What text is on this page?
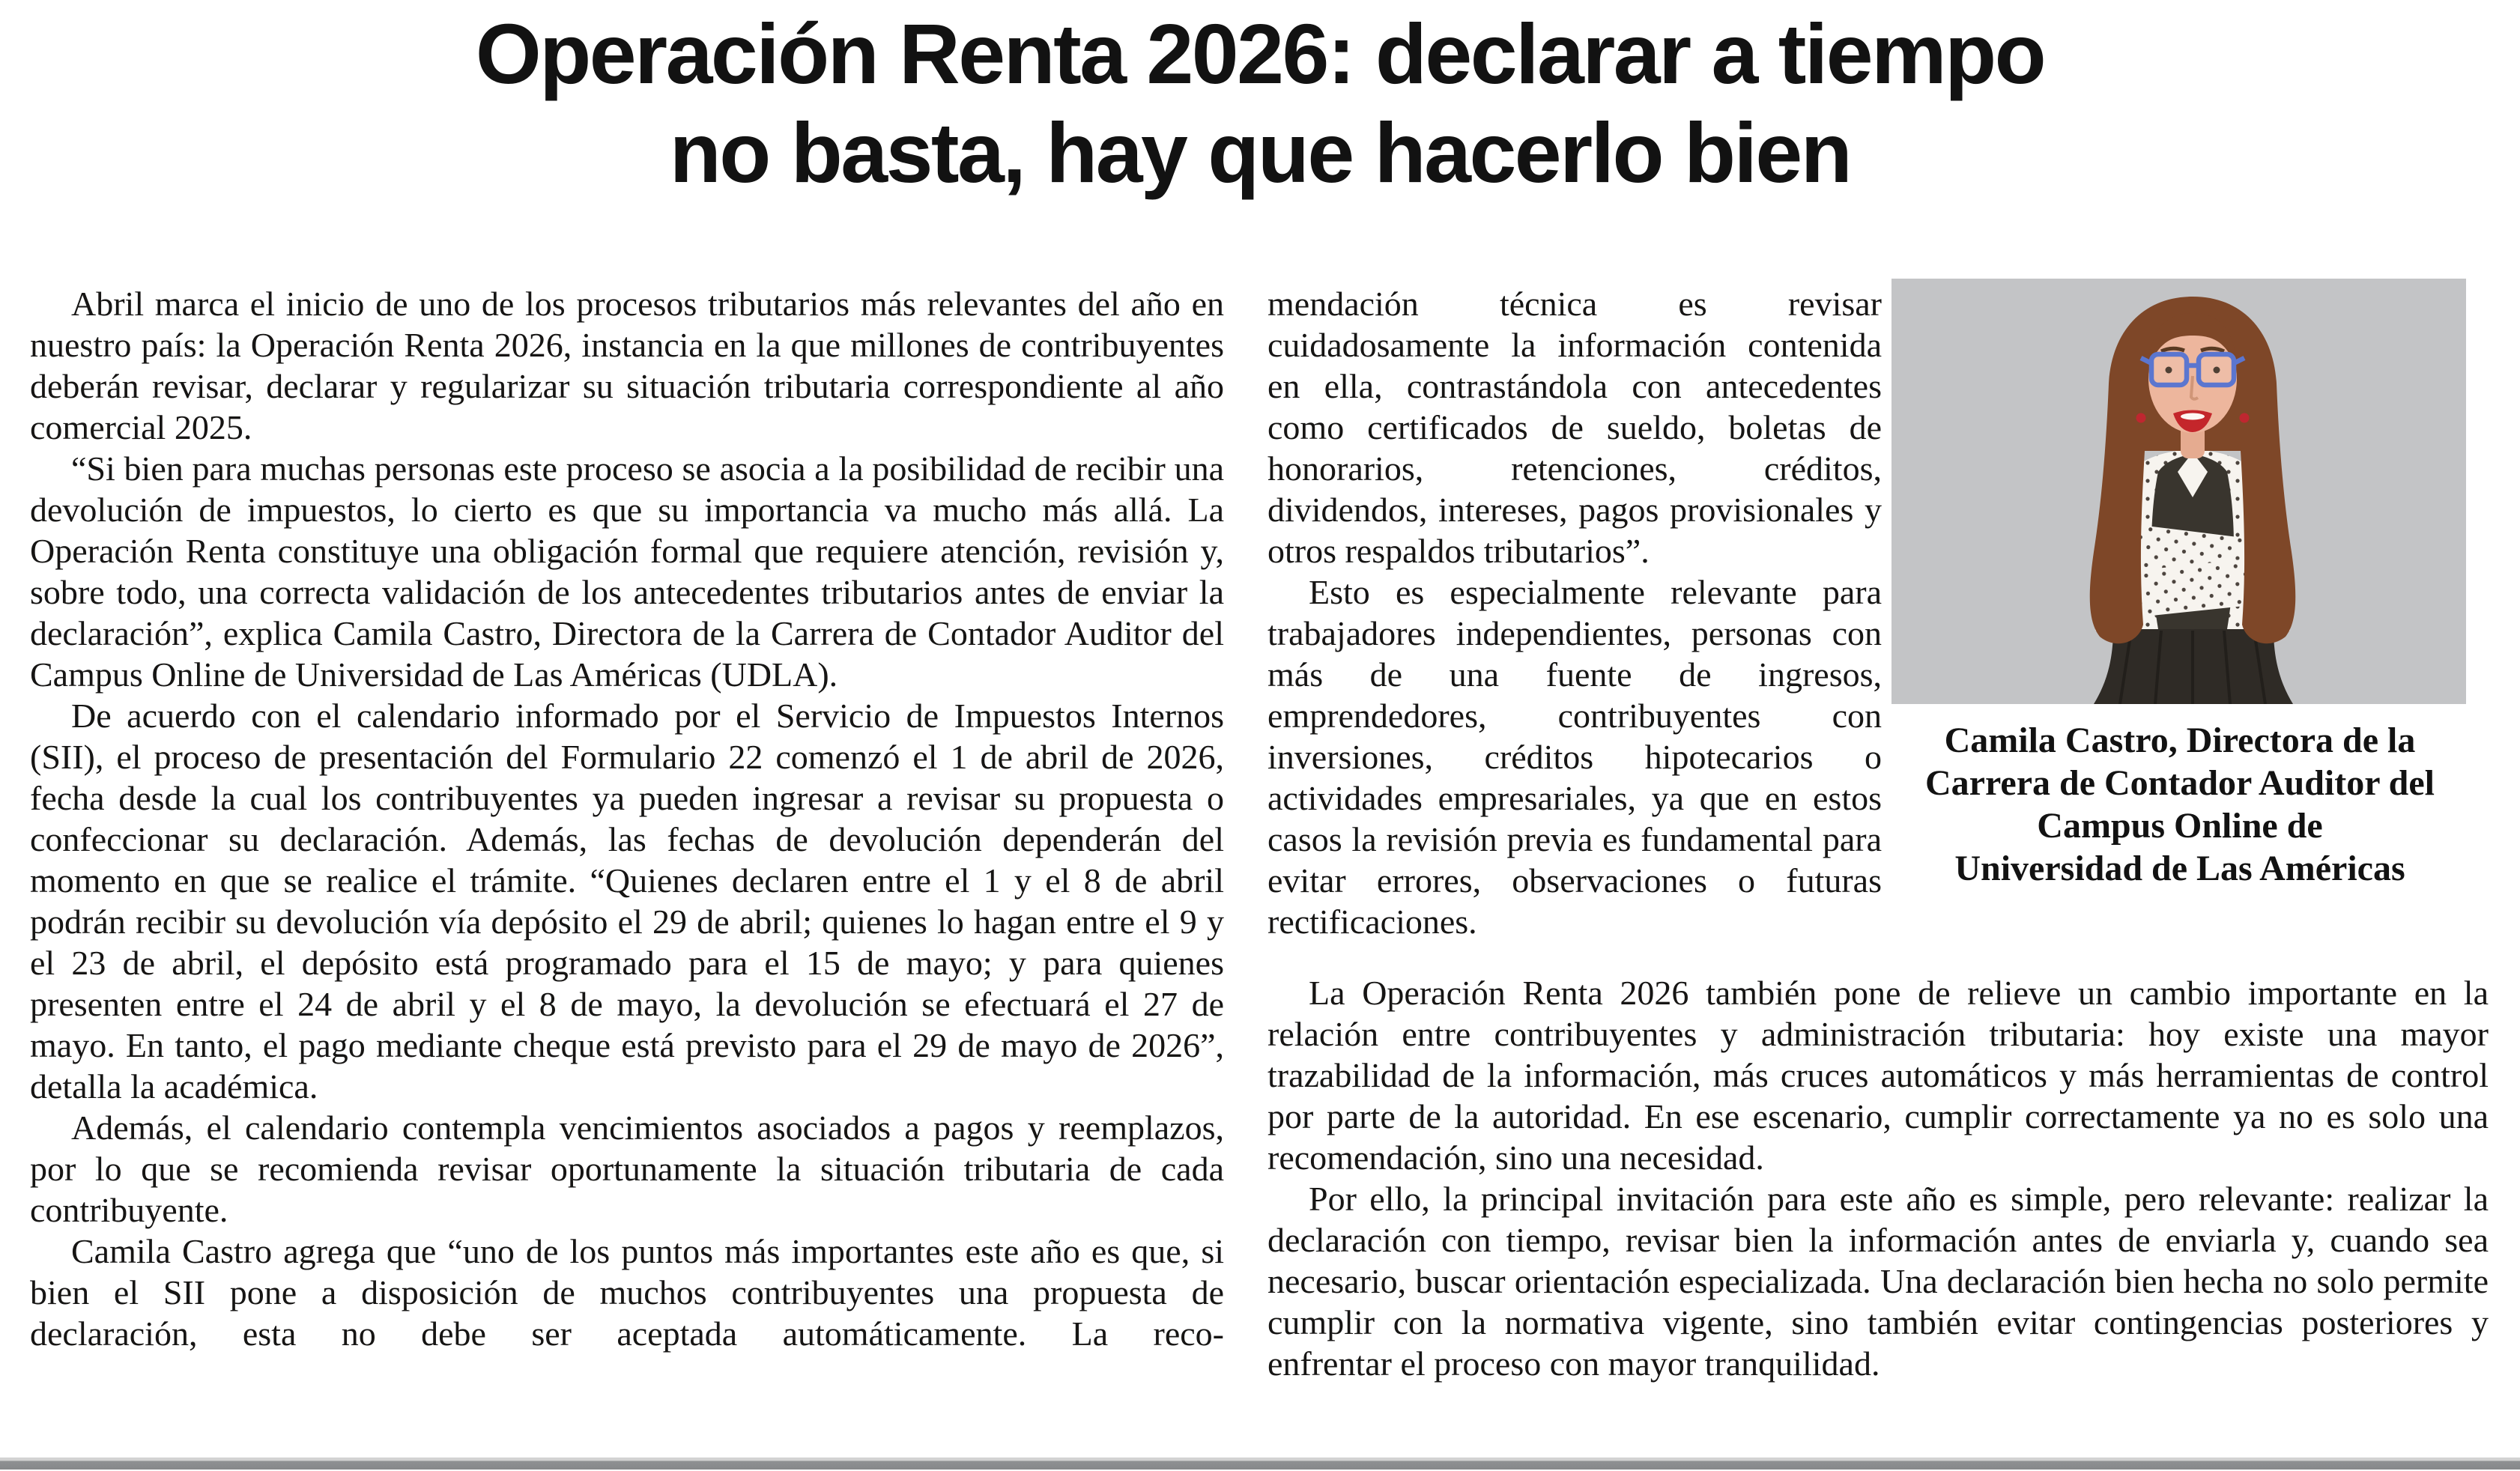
Operación Renta 2026: declarar a tiempo
no basta, hay que hacerlo bien

Abril marca el inicio de uno de los procesos tributarios más relevantes del año en nuestro país: la Operación Renta 2026, instancia en la que millones de contribuyentes deberán revisar, declarar y regularizar su situación tributaria correspondiente al año comercial 2025.

“Si bien para muchas personas este proceso se asocia a la posibilidad de recibir una devolución de impuestos, lo cierto es que su importancia va mucho más allá. La Operación Renta constituye una obligación formal que requiere atención, revisión y, sobre todo, una correcta validación de los antecedentes tributarios antes de enviar la declaración”, explica Camila Castro, Directora de la Carrera de Contador Auditor del Campus Online de Universidad de Las Américas (UDLA).

De acuerdo con el calendario informado por el Servicio de Impuestos Internos (SII), el proceso de presentación del Formulario 22 comenzó el 1 de abril de 2026, fecha desde la cual los contribuyentes ya pueden ingresar a revisar su propuesta o confeccionar su declaración. Además, las fechas de devolución dependerán del momento en que se realice el trámite. “Quienes declaren entre el 1 y el 8 de abril podrán recibir su devolución vía depósito el 29 de abril; quienes lo hagan entre el 9 y el 23 de abril, el depósito está programado para el 15 de mayo; y para quienes presenten entre el 24 de abril y el 8 de mayo, la devolución se efectuará el 27 de mayo. En tanto, el pago mediante cheque está previsto para el 29 de mayo de 2026”, detalla la académica.

Además, el calendario contempla vencimientos asociados a pagos y reemplazos, por lo que se recomienda revisar oportunamente la situación tributaria de cada contribuyente.

Camila Castro agrega que “uno de los puntos más importantes este año es que, si bien el SII pone a disposición de muchos contribuyentes una propuesta de declaración, esta no debe ser aceptada automáticamente. La reco-

mendación técnica es revisar cuidadosamente la información contenida en ella, contrastándola con antecedentes como certificados de sueldo, boletas de honorarios, retenciones, créditos, dividendos, intereses, pagos provisionales y otros respaldos tributarios”.

Esto es especialmente relevante para trabajadores independientes, personas con más de una fuente de ingresos, emprendedores, contribuyentes con inversiones, créditos hipotecarios o actividades empresariales, ya que en estos casos la revisión previa es fundamental para evitar errores, observaciones o futuras rectificaciones.

Camila Castro, Directora de la
Carrera de Contador Auditor del
Campus Online de
Universidad de Las Américas

La Operación Renta 2026 también pone de relieve un cambio importante en la relación entre contribuyentes y administración tributaria: hoy existe una mayor trazabilidad de la información, más cruces automáticos y más herramientas de control por parte de la autoridad. En ese escenario, cumplir correctamente ya no es solo una recomendación, sino una necesidad.

Por ello, la principal invitación para este año es simple, pero relevante: realizar la declaración con tiempo, revisar bien la información antes de enviarla y, cuando sea necesario, buscar orientación especializada. Una declaración bien hecha no solo permite cumplir con la normativa vigente, sino también evitar contingencias posteriores y enfrentar el proceso con mayor tranquilidad.
